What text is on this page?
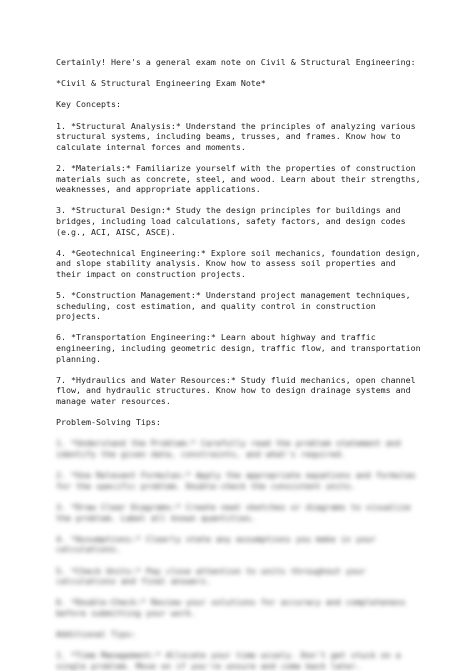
Certainly! Here's a general exam note on Civil & Structural Engineering:
*Civil & Structural Engineering Exam Note*
Key Concepts:
1. *Structural Analysis:* Understand the principles of analyzing various
structural systems, including beams, trusses, and frames. Know how to
calculate internal forces and moments.
2. *Materials:* Familiarize yourself with the properties of construction
materials such as concrete, steel, and wood. Learn about their strengths,
weaknesses, and appropriate applications.
3. *Structural Design:* Study the design principles for buildings and
bridges, including load calculations, safety factors, and design codes
(e.g., ACI, AISC, ASCE).
4. *Geotechnical Engineering:* Explore soil mechanics, foundation design,
and slope stability analysis. Know how to assess soil properties and
their impact on construction projects.
5. *Construction Management:* Understand project management techniques,
scheduling, cost estimation, and quality control in construction
projects.
6. *Transportation Engineering:* Learn about highway and traffic
engineering, including geometric design, traffic flow, and transportation
planning.
7. *Hydraulics and Water Resources:* Study fluid mechanics, open channel
flow, and hydraulic structures. Know how to design drainage systems and
manage water resources.
Problem-Solving Tips:
1. *Understand the Problem:* Carefully read the problem statement and
identify the given data, constraints, and what's required.
2. *Use Relevant Formulas:* Apply the appropriate equations and formulas
for the specific problem. Double-check the consistent units.
3. *Draw Clear Diagrams:* Create neat sketches or diagrams to visualize
the problem. Label all known quantities.
4. *Assumptions:* Clearly state any assumptions you make in your
calculations.
5. *Check Units:* Pay close attention to units throughout your
calculations and final answers.
6. *Double-Check:* Review your solutions for accuracy and completeness
before submitting your work.
Additional Tips:
1. *Time Management:* Allocate your time wisely. Don't get stuck on a
single problem. Move on if you're unsure and come back later.
